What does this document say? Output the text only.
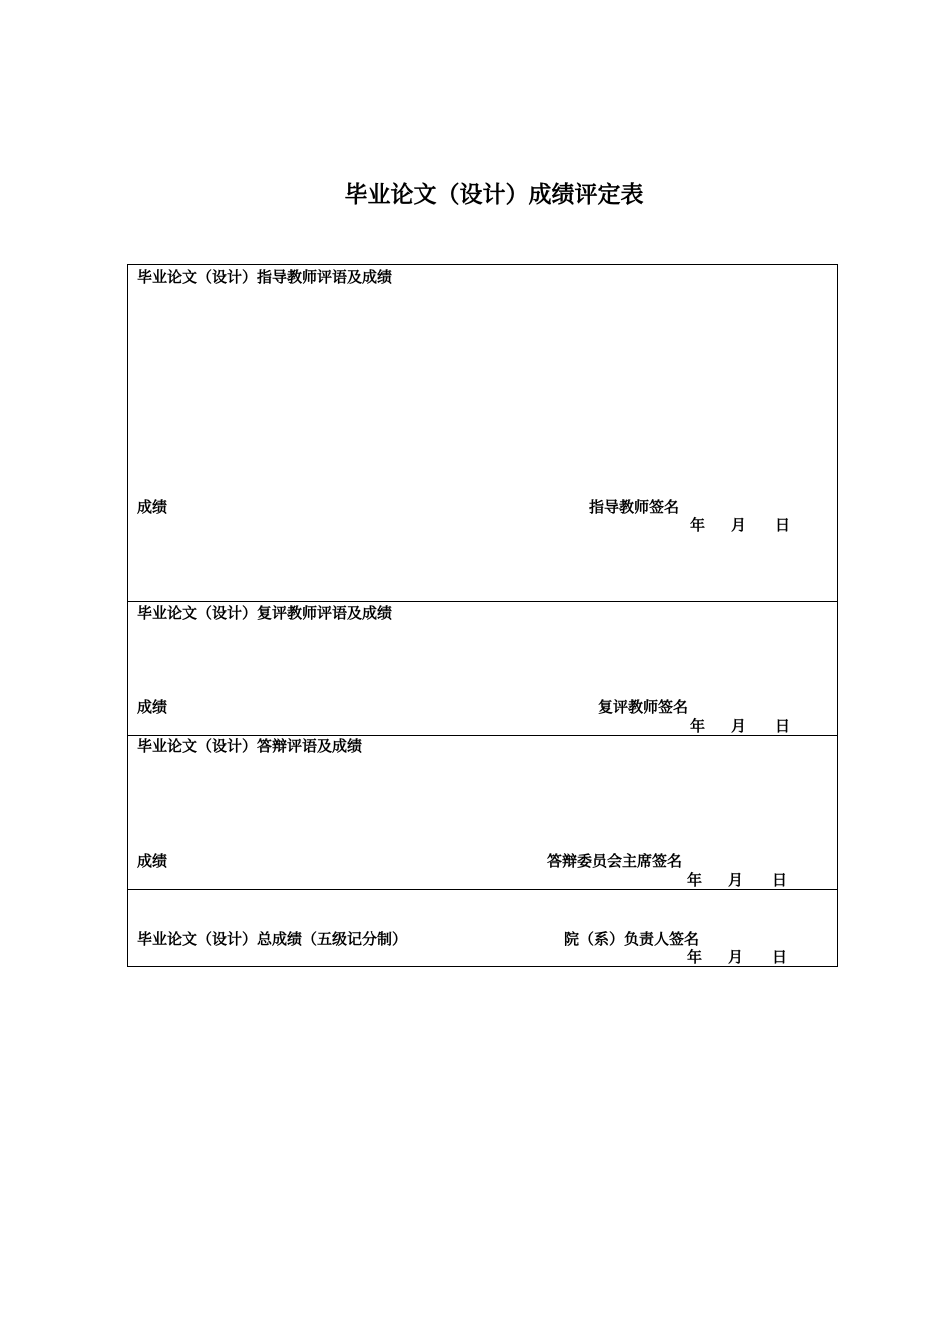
毕业论文（设计）成绩评定表
毕业论文（设计）指导教师评语及成绩
成绩	指导教师签名
年 月 日
毕业论文（设计）复评教师评语及成绩
成绩	复评教师签名
年 月 日
毕业论文（设计）答辩评语及成绩
成绩	答辩委员会主席签名
年 月 日
毕业论文（设计）总成绩（五级记分制）	院（系）负责人签名
年 月 日
